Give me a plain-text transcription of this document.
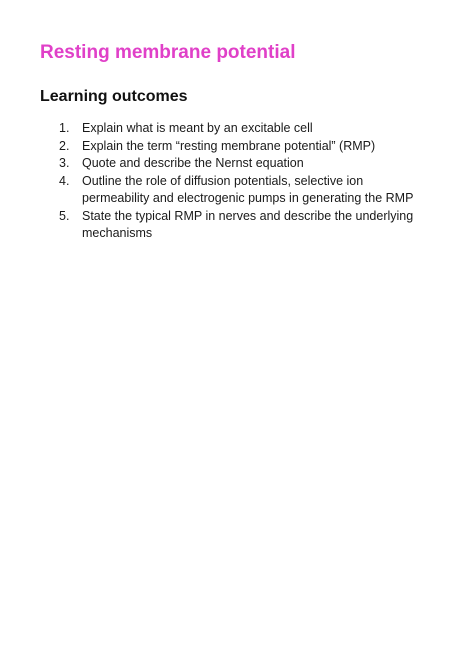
Resting membrane potential
Learning outcomes
1. Explain what is meant by an excitable cell
2. Explain the term “resting membrane potential” (RMP)
3. Quote and describe the Nernst equation
4. Outline the role of diffusion potentials, selective ion permeability and electrogenic pumps in generating the RMP
5. State the typical RMP in nerves and describe the underlying mechanisms
